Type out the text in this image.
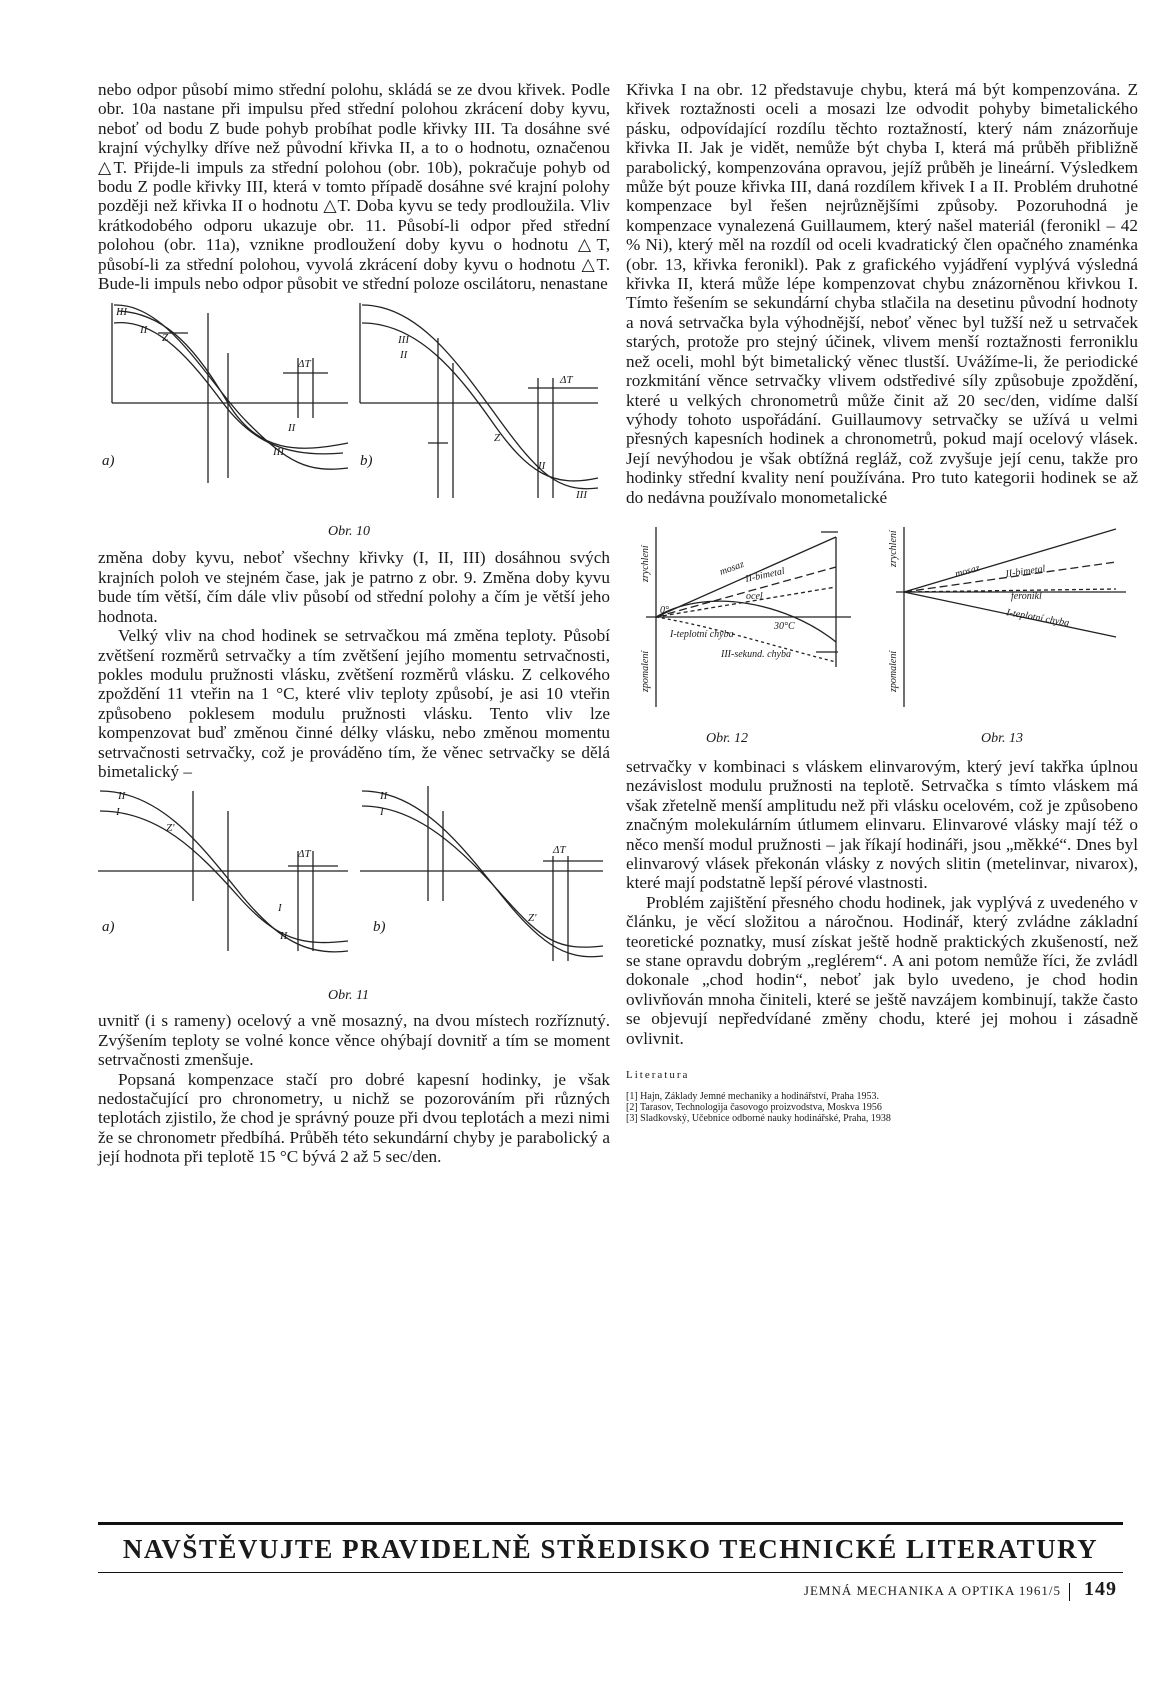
nebo odpor působí mimo střední polohu, skládá se ze dvou křivek. Podle obr. 10a nastane při impulsu před střední polohou zkrácení doby kyvu, neboť od bodu Z bude pohyb probíhat podle křivky III. Ta dosáhne své krajní výchylky dříve než původní křivka II, a to o hodnotu, označenou △T. Přijde-li impuls za střední polohou (obr. 10b), pokračuje pohyb od bodu Z podle křivky III, která v tomto případě dosáhne své krajní polohy později než křivka II o hodnotu △T. Doba kyvu se tedy prodloužila. Vliv krátkodobého odporu ukazuje obr. 11. Působí-li odpor před střední polohou (obr. 11a), vznikne prodloužení doby kyvu o hodnotu △T, působí-li za střední polohou, vyvolá zkrácení doby kyvu o hodnotu △T. Bude-li impuls nebo odpor působit ve střední poloze oscilátoru, nenastane

III
II
Z
ΔT
II
III
III
II
ΔT
Z
II
III
a)	b)
Obr. 10

změna doby kyvu, neboť všechny křivky (I, II, III) dosáhnou svých krajních poloh ve stejném čase, jak je patrno z obr. 9. Změna doby kyvu bude tím větší, čím dále vliv působí od střední polohy a čím je větší jeho hodnota.

Velký vliv na chod hodinek se setrvačkou má změna teploty. Působí zvětšení rozměrů setrvačky a tím zvětšení jejího momentu setrvačnosti, pokles modulu pružnosti vlásku, zvětšení rozměrů vlásku. Z celkového zpoždění 11 vteřin na 1 °C, které vliv teploty způsobí, je asi 10 vteřin způsobeno poklesem modulu pružnosti vlásku. Tento vliv lze kompenzovat buď změnou činné délky vlásku, nebo změnou momentu setrvačnosti setrvačky, což je prováděno tím, že věnec setrvačky se dělá bimetalický –

II
I
Z'
ΔT
I
II
II
I
ΔT
Z'
a)	b)
Obr. 11

uvnitř (i s rameny) ocelový a vně mosazný, na dvou místech rozříznutý. Zvýšením teploty se volné konce věnce ohýbají dovnitř a tím se moment setrvačnosti zmenšuje.

Popsaná kompenzace stačí pro dobré kapesní hodinky, je však nedostačující pro chronometry, u nichž se pozorováním při různých teplotách zjistilo, že chod je správný pouze při dvou teplotách a mezi nimi že se chronometr předbíhá. Průběh této sekundární chyby je parabolický a její hodnota při teplotě 15 °C bývá 2 až 5 sec/den.

Křivka I na obr. 12 představuje chybu, která má být kompenzována. Z křivek roztažnosti oceli a mosazi lze odvodit pohyby bimetalického pásku, odpovídající rozdílu těchto roztažností, který nám znázorňuje křivka II. Jak je vidět, nemůže být chyba I, která má průběh přibližně parabolický, kompenzována opravou, jejíž průběh je lineární. Výsledkem může být pouze křivka III, daná rozdílem křivek I a II. Problém druhotné kompenzace byl řešen nejrůznějšími způsoby. Pozoruhodná je kompenzace vynalezená Guillaumem, který našel materiál (feronikl – 42 % Ni), který měl na rozdíl od oceli kvadratický člen opačného znaménka (obr. 13, křivka feronikl). Pak z grafického vyjádření vyplývá výsledná křivka II, která může lépe kompenzovat chybu znázorněnou křivkou I. Tímto řešením se sekundární chyba stlačila na desetinu původní hodnoty a nová setrvačka byla výhodnější, neboť věnec byl tužší než u setrvaček starých, protože pro stejný účinek, vlivem menší roztažnosti ferroniklu než oceli, mohl být bimetalický věnec tlustší. Uvážíme-li, že periodické rozkmitání věnce setrvačky vlivem odstředivé síly způsobuje zpoždění, které u velkých chronometrů může činit až 20 sec/den, vidíme další výhody tohoto uspořádání. Guillaumovy setrvačky se užívá u velmi přesných kapesních hodinek a chronometrů, pokud mají ocelový vlásek. Její nevýhodou je však obtížná regláž, což zvyšuje její cenu, takže pro hodinky střední kvality není používána. Pro tuto kategorii hodinek se až do nedávna používalo monometalické

zrychlení
zpomalení
mosaz
II-bimetal
ocel
0°
30°C
I-teplotní chyba
III-sekund. chyba
zrychlení
zpomalení
mosaz II-bimetal
feronikl
I-teplotní chyba
Obr. 12	Obr. 13

setrvačky v kombinaci s vláskem elinvarovým, který jeví takřka úplnou nezávislost modulu pružnosti na teplotě. Setrvačka s tímto vláskem má však zřetelně menší amplitudu než při vlásku ocelovém, což je způsobeno značným molekulárním útlumem elinvaru. Elinvarové vlásky mají též o něco menší modul pružnosti – jak říkají hodináři, jsou „měkké“. Dnes byl elinvarový vlásek překonán vlásky z nových slitin (metelinvar, nivarox), které mají podstatně lepší pérové vlastnosti.

Problém zajištění přesného chodu hodinek, jak vyplývá z uvedeného v článku, je věcí složitou a náročnou. Hodinář, který zvládne základní teoretické poznatky, musí získat ještě hodně praktických zkušeností, než se stane opravdu dobrým „reglérem“. A ani potom nemůže říci, že zvládl dokonale „chod hodin“, neboť jak bylo uvedeno, je chod hodin ovlivňován mnoha činiteli, které se ještě navzájem kombinují, takže často se objevují nepředvídané změny chodu, které jej mohou i zásadně ovlivnit.

Literatura
[1] Hajn, Základy Jemné mechaniky a hodinářství, Praha 1953.
[2] Tarasov, Technologija časovogo proizvodstva, Moskva 1956
[3] Sladkovský, Učebnice odborné nauky hodinářské, Praha, 1938
NAVŠTĚVUJTE PRAVIDELNĚ STŘEDISKO TECHNICKÉ LITERATURY
JEMNÁ MECHANIKA A OPTIKA 1961/5 149
